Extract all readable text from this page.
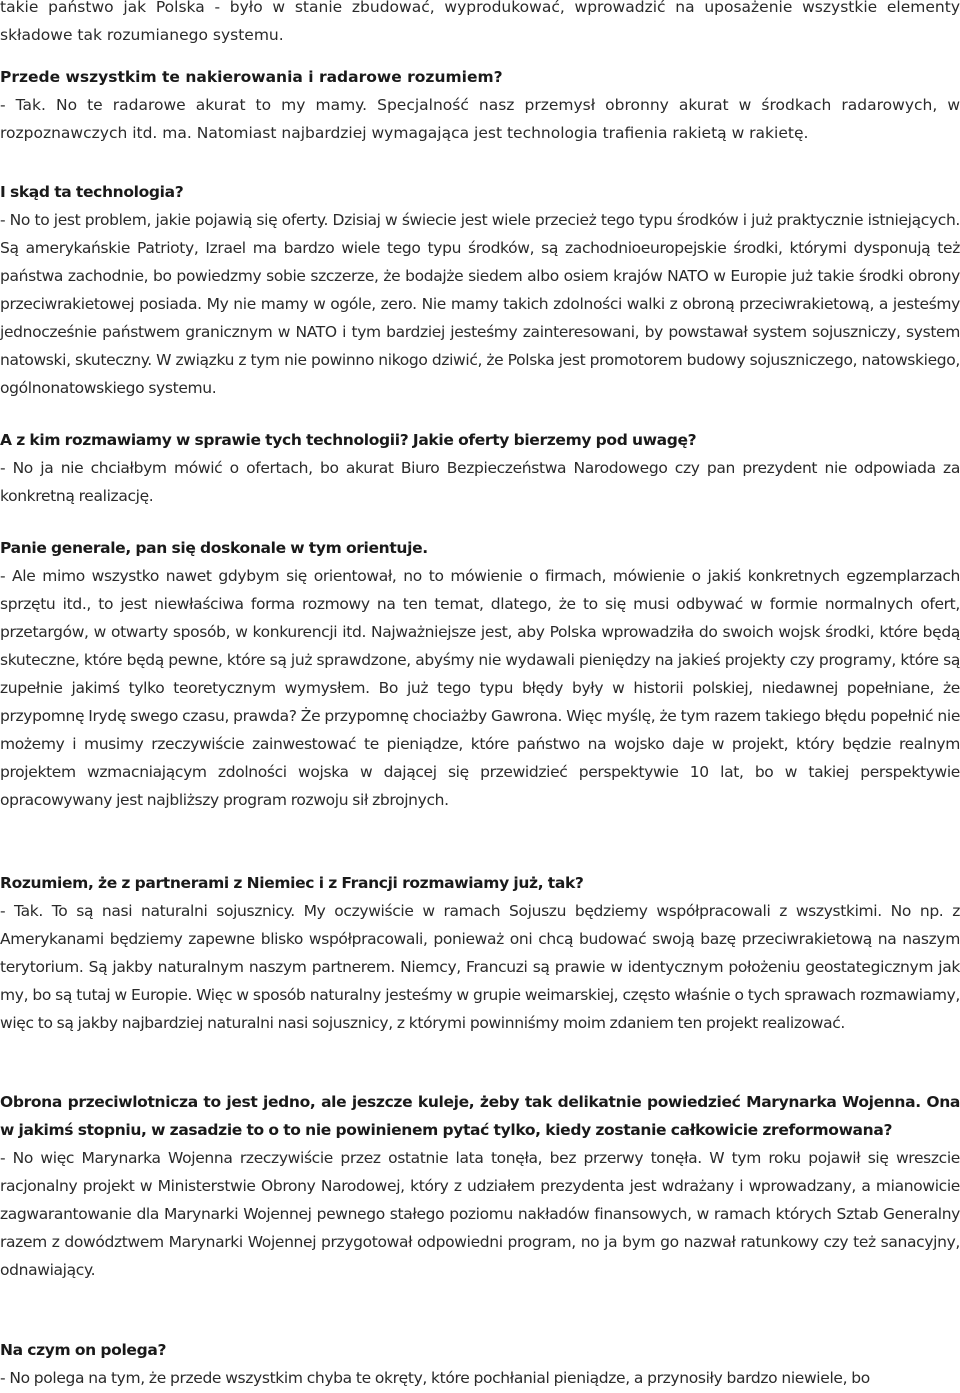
takie państwo jak Polska - było w stanie zbudować, wyprodukować, wprowadzić na uposażenie wszystkie elementy składowe tak rozumianego systemu.

Przede wszystkim te nakierowania i radarowe rozumiem?
- Tak. No te radarowe akurat to my mamy. Specjalność nasz przemysł obronny akurat w środkach radarowych, w rozpoznawczych itd. ma. Natomiast najbardziej wymagająca jest technologia trafienia rakietą w rakietę.
I skąd ta technologia?
- No to jest problem, jakie pojawią się oferty. Dzisiaj w świecie jest wiele przecież tego typu środków i już praktycznie istniejących. Są amerykańskie Patrioty, Izrael ma bardzo wiele tego typu środków, są zachodnioeuropejskie środki, którymi dysponują też państwa zachodnie, bo powiedzmy sobie szczerze, że bodajże siedem albo osiem krajów NATO w Europie już takie środki obrony przeciwrakietowej posiada. My nie mamy w ogóle, zero. Nie mamy takich zdolności walki z obroną przeciwrakietową, a jesteśmy jednocześnie państwem granicznym w NATO i tym bardziej jesteśmy zainteresowani, by powstawał system sojuszniczy, system natowski, skuteczny. W związku z tym nie powinno nikogo dziwić, że Polska jest promotorem budowy sojuszniczego, natowskiego, ogólnonatowskiego systemu.
A z kim rozmawiamy w sprawie tych technologii? Jakie oferty bierzemy pod uwagę?
- No ja nie chciałbym mówić o ofertach, bo akurat Biuro Bezpieczeństwa Narodowego czy pan prezydent nie odpowiada za konkretną realizację.
Panie generale, pan się doskonale w tym orientuje.
- Ale mimo wszystko nawet gdybym się orientował, no to mówienie o firmach, mówienie o jakiś konkretnych egzemplarzach sprzętu itd., to jest niewłaściwa forma rozmowy na ten temat, dlatego, że to się musi odbywać w formie normalnych ofert, przetargów, w otwarty sposób, w konkurencji itd. Najważniejsze jest, aby Polska wprowadziła do swoich wojsk środki, które będą skuteczne, które będą pewne, które są już sprawdzone, abyśmy nie wydawali pieniędzy na jakieś projekty czy programy, które są zupełnie jakimś tylko teoretycznym wymysłem. Bo już tego typu błędy były w historii polskiej, niedawnej popełniane, że przypomnę Irydę swego czasu, prawda? Że przypomnę chociażby Gawrona. Więc myślę, że tym razem takiego błędu popełnić nie możemy i musimy rzeczywiście zainwestować te pieniądze, które państwo na wojsko daje w projekt, który będzie realnym projektem wzmacniającym zdolności wojska w dającej się przewidzieć perspektywie 10 lat, bo w takiej perspektywie opracowywany jest najbliższy program rozwoju sił zbrojnych.
Rozumiem, że z partnerami z Niemiec i z Francji rozmawiamy już, tak?
- Tak. To są nasi naturalni sojusznicy. My oczywiście w ramach Sojuszu będziemy współpracowali z wszystkimi. No np. z Amerykanami będziemy zapewne blisko współpracowali, ponieważ oni chcą budować swoją bazę przeciwrakietową na naszym terytorium. Są jakby naturalnym naszym partnerem. Niemcy, Francuzi są prawie w identycznym położeniu geostategicznym jak my, bo są tutaj w Europie. Więc w sposób naturalny jesteśmy w grupie weimarskiej, często właśnie o tych sprawach rozmawiamy, więc to są jakby najbardziej naturalni nasi sojusznicy, z którymi powinniśmy moim zdaniem ten projekt realizować.
Obrona przeciwlotnicza to jest jedno, ale jeszcze kuleje, żeby tak delikatnie powiedzieć Marynarka Wojenna. Ona w jakimś stopniu, w zasadzie to o to nie powinienem pytać tylko, kiedy zostanie całkowicie zreformowana?
- No więc Marynarka Wojenna rzeczywiście przez ostatnie lata tonęła, bez przerwy tonęła. W tym roku pojawił się wreszcie racjonalny projekt w Ministerstwie Obrony Narodowej, który z udziałem prezydenta jest wdrażany i wprowadzany, a mianowicie zagwarantowanie dla Marynarki Wojennej pewnego stałego poziomu nakładów finansowych, w ramach których Sztab Generalny razem z dowództwem Marynarki Wojennej przygotował odpowiedni program, no ja bym go nazwał ratunkowy czy też sanacyjny, odnawiający.
Na czym on polega?
- No polega na tym, że przede wszystkim chyba te okręty, które pochłanial pieniądze, a przynosiły bardzo niewiele, bo
